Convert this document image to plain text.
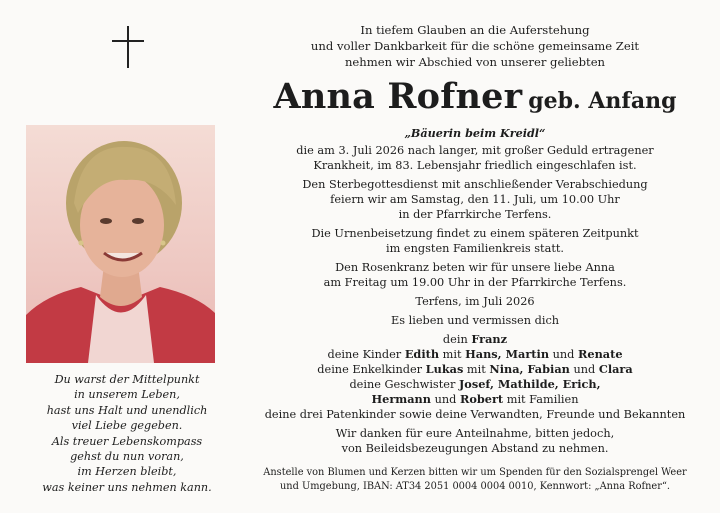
Du warst der Mittelpunkt
in unserem Leben,
hast uns Halt und unendlich
viel Liebe gegeben.
Als treuer Lebenskompass
gehst du nun voran,
im Herzen bleibt,
was keiner uns nehmen kann.
In tiefem Glauben an die Auferstehung
und voller Dankbarkeit für die schöne gemeinsame Zeit
nehmen wir Abschied von unserer geliebten
Anna Rofner geb. Anfang
„Bäuerin beim Kreidl“
die am 3. Juli 2026 nach langer, mit großer Geduld ertragener
Krankheit, im 83. Lebensjahr friedlich eingeschlafen ist.
Den Sterbegottesdienst mit anschließender Verabschiedung
feiern wir am Samstag, den 11. Juli, um 10.00 Uhr
in der Pfarrkirche Terfens.
Die Urnenbeisetzung findet zu einem späteren Zeitpunkt
im engsten Familienkreis statt.
Den Rosenkranz beten wir für unsere liebe Anna
am Freitag um 19.00 Uhr in der Pfarrkirche Terfens.
Terfens, im Juli 2026
Es lieben und vermissen dich
dein Franz
deine Kinder Edith mit Hans, Martin und Renate
deine Enkelkinder Lukas mit Nina, Fabian und Clara
deine Geschwister Josef, Mathilde, Erich,
Hermann und Robert mit Familien
deine drei Patenkinder sowie deine Verwandten, Freunde und Bekannten
Wir danken für eure Anteilnahme, bitten jedoch,
von Beileidsbezeugungen Abstand zu nehmen.
Anstelle von Blumen und Kerzen bitten wir um Spenden für den Sozialsprengel Weer
und Umgebung, IBAN: AT34 2051 0004 0004 0010, Kennwort: „Anna Rofner“.
